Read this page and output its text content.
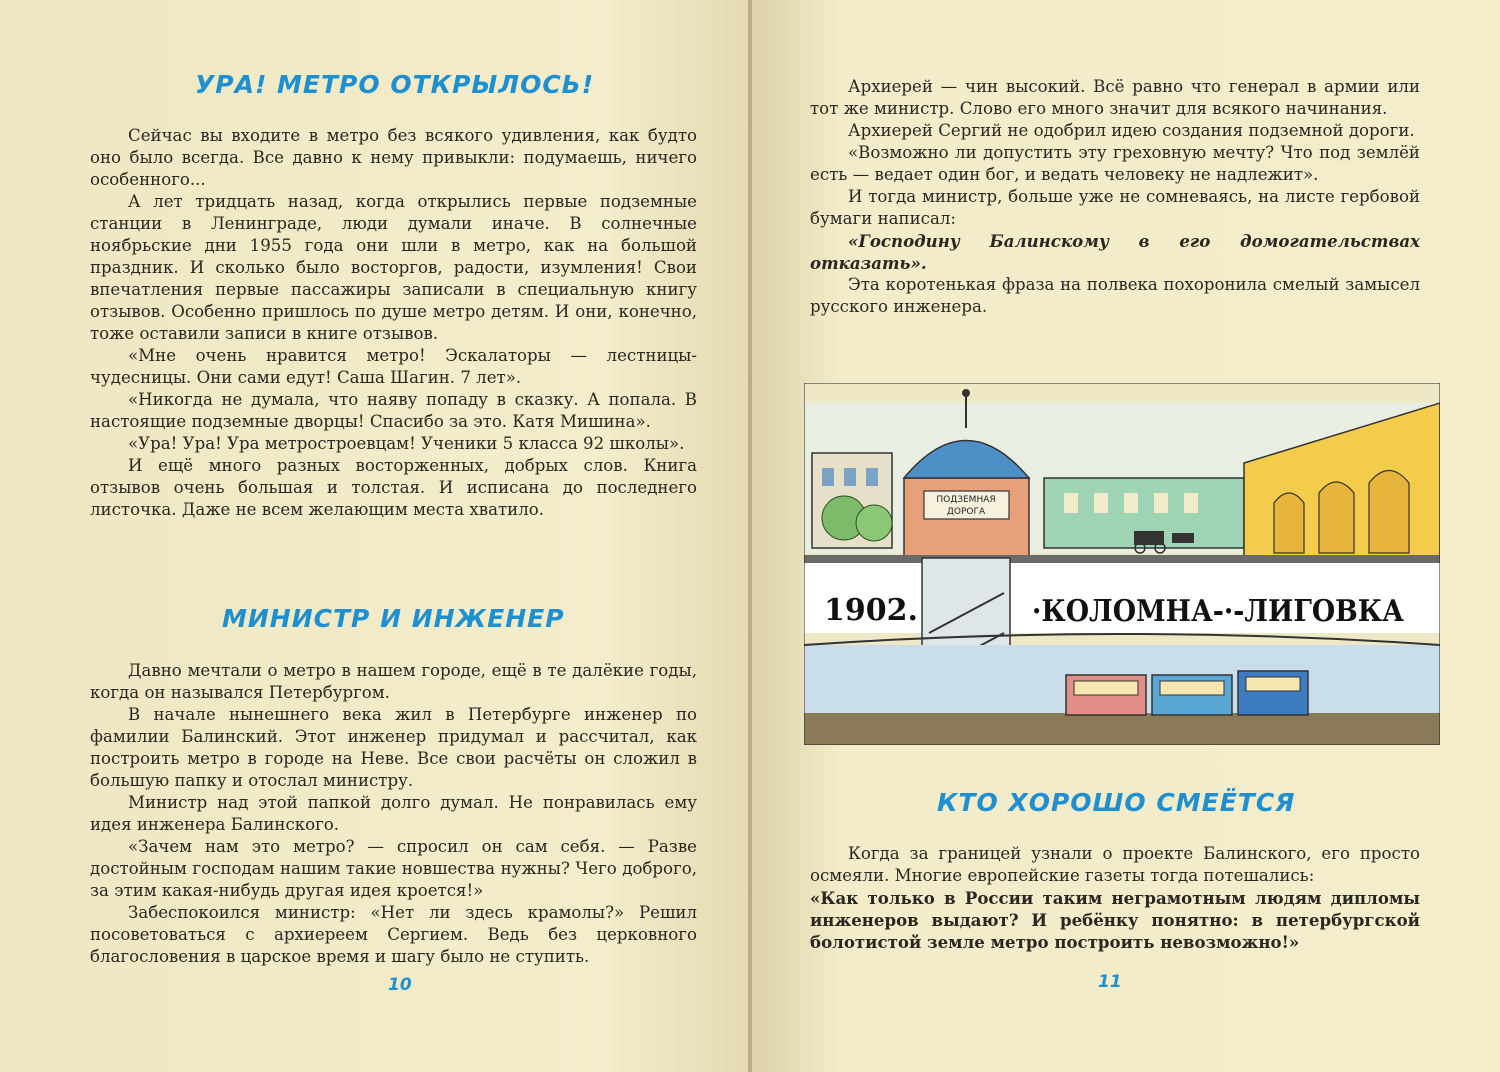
УРА! МЕТРО ОТКРЫЛОСЬ!

Сейчас вы входите в метро без всякого удивления, как будто оно было всегда. Все давно к нему привыкли: подумаешь, ничего особенного...

А лет тридцать назад, когда открылись первые подземные станции в Ленинграде, люди думали иначе. В солнечные ноябрьские дни 1955 года они шли в метро, как на большой праздник. И сколько было восторгов, радости, изумления! Свои впечатления первые пассажиры записали в специальную книгу отзывов. Особенно пришлось по душе метро детям. И они, конечно, тоже оставили записи в книге отзывов.

«Мне очень нравится метро! Эскалаторы — лестницы-чудесницы. Они сами едут! Саша Шагин. 7 лет».

«Никогда не думала, что наяву попаду в сказку. А попала. В настоящие подземные дворцы! Спасибо за это. Катя Мишина».

«Ура! Ура! Ура метростроевцам! Ученики 5 класса 92 школы».

И ещё много разных восторженных, добрых слов. Книга отзывов очень большая и толстая. И исписана до последнего листочка. Даже не всем желающим места хватило.

МИНИСТР И ИНЖЕНЕР

Давно мечтали о метро в нашем городе, ещё в те далёкие годы, когда он назывался Петербургом.

В начале нынешнего века жил в Петербурге инженер по фамилии Балинский. Этот инженер придумал и рассчитал, как построить метро в городе на Неве. Все свои расчёты он сложил в большую папку и отослал министру.

Министр над этой папкой долго думал. Не понравилась ему идея инженера Балинского.

«Зачем нам это метро? — спросил он сам себя. — Разве достойным господам нашим такие новшества нужны? Чего доброго, за этим какая-нибудь другая идея кроется!»

Забеспокоился министр: «Нет ли здесь крамолы?» Решил посоветоваться с архиереем Сергием. Ведь без церковного благословения в царское время и шагу было не ступить.

10

Архиерей — чин высокий. Всё равно что генерал в армии или тот же министр. Слово его много значит для всякого начинания.

Архиерей Сергий не одобрил идею создания подземной дороги.

«Возможно ли допустить эту греховную мечту? Что под землёй есть — ведает один бог, и ведать человеку не надлежит».

И тогда министр, больше уже не сомневаясь, на листе гербовой бумаги написал:

«Господину Балинскому в его домогательствах отказать».

Эта коротенькая фраза на полвека похоронила смелый замысел русского инженера.

ПОДЗЕМНАЯ
ДОРОГА
1902.	·КОЛОМНА-·-ЛИГОВКА
КТО ХОРОШО СМЕЁТСЯ

Когда за границей узнали о проекте Балинского, его просто осмеяли. Многие европейские газеты тогда потешались:

«Как только в России таким неграмотным людям дипломы инженеров выдают? И ребёнку понятно: в петербургской болотистой земле метро построить невозможно!»

11
